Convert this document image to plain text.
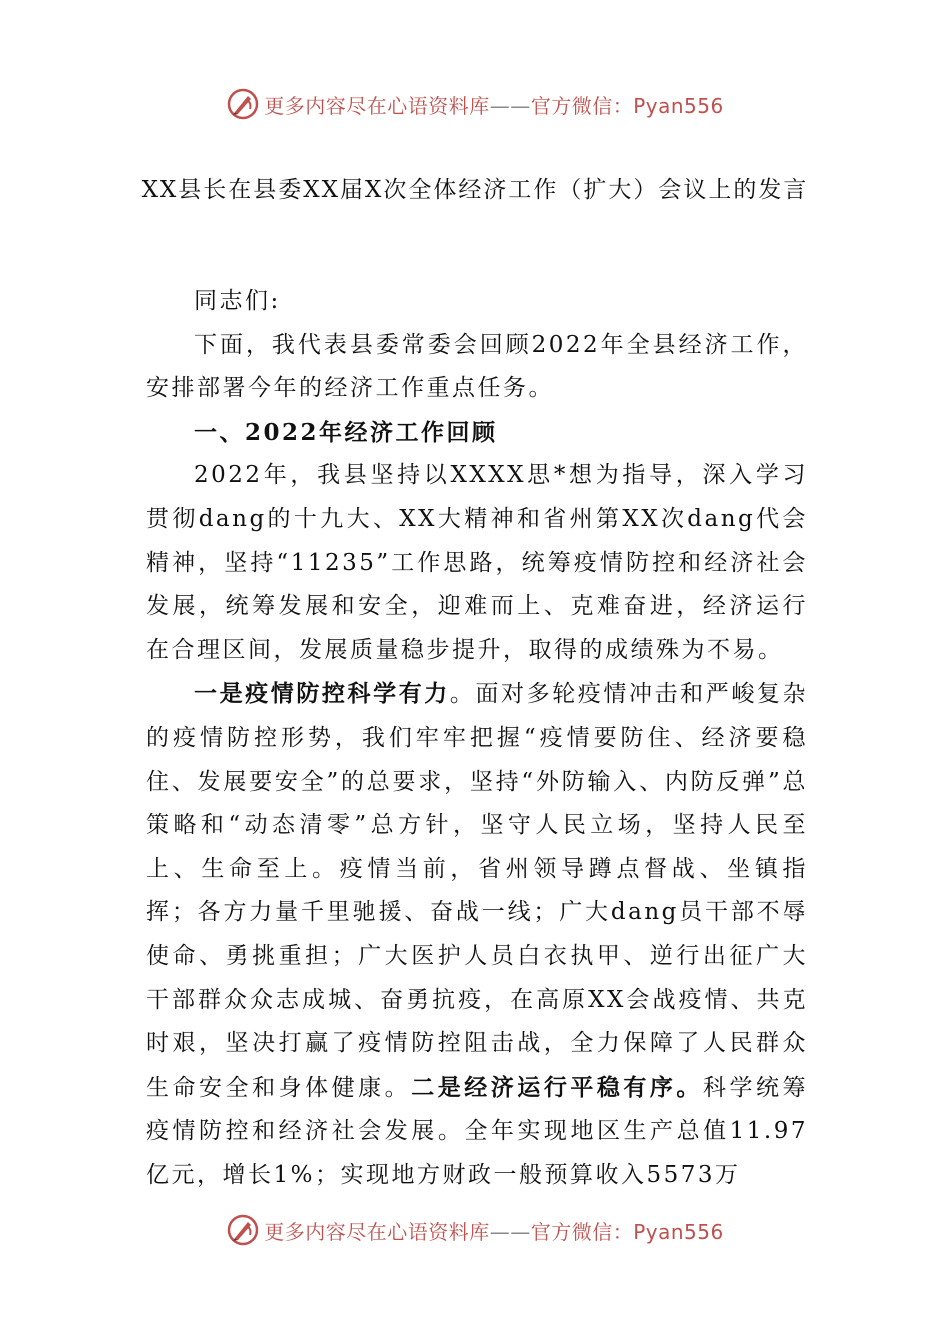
更多内容尽在心语资料库——官方微信：Pyan556
XX县长在县委XX届X次全体经济工作（扩大）会议上的发言

同志们:

下面，我代表县委常委会回顾2022年全县经济工作，安排部署今年的经济工作重点任务。

一、2022年经济工作回顾

2022年，我县坚持以XXXX思*想为指导，深入学习贯彻dang的十九大、XX大精神和省州第XX次dang代会精神，坚持“11235”工作思路，统筹疫情防控和经济社会发展，统筹发展和安全，迎难而上、克难奋进，经济运行在合理区间，发展质量稳步提升，取得的成绩殊为不易。

一是疫情防控科学有力。面对多轮疫情冲击和严峻复杂的疫情防控形势，我们牢牢把握“疫情要防住、经济要稳住、发展要安全”的总要求，坚持“外防输入、内防反弹”总策略和“动态清零”总方针，坚守人民立场，坚持人民至上、生命至上。疫情当前，省州领导蹲点督战、坐镇指挥；各方力量千里驰援、奋战一线；广大dang员干部不辱使命、勇挑重担；广大医护人员白衣执甲、逆行出征广大干部群众众志成城、奋勇抗疫，在高原XX会战疫情、共克时艰，坚决打赢了疫情防控阻击战，全力保障了人民群众生命安全和身体健康。二是经济运行平稳有序。科学统筹疫情防控和经济社会发展。全年实现地区生产总值11.97亿元，增长1%；实现地方财政一般预算收入5573万

更多内容尽在心语资料库——官方微信：Pyan556
